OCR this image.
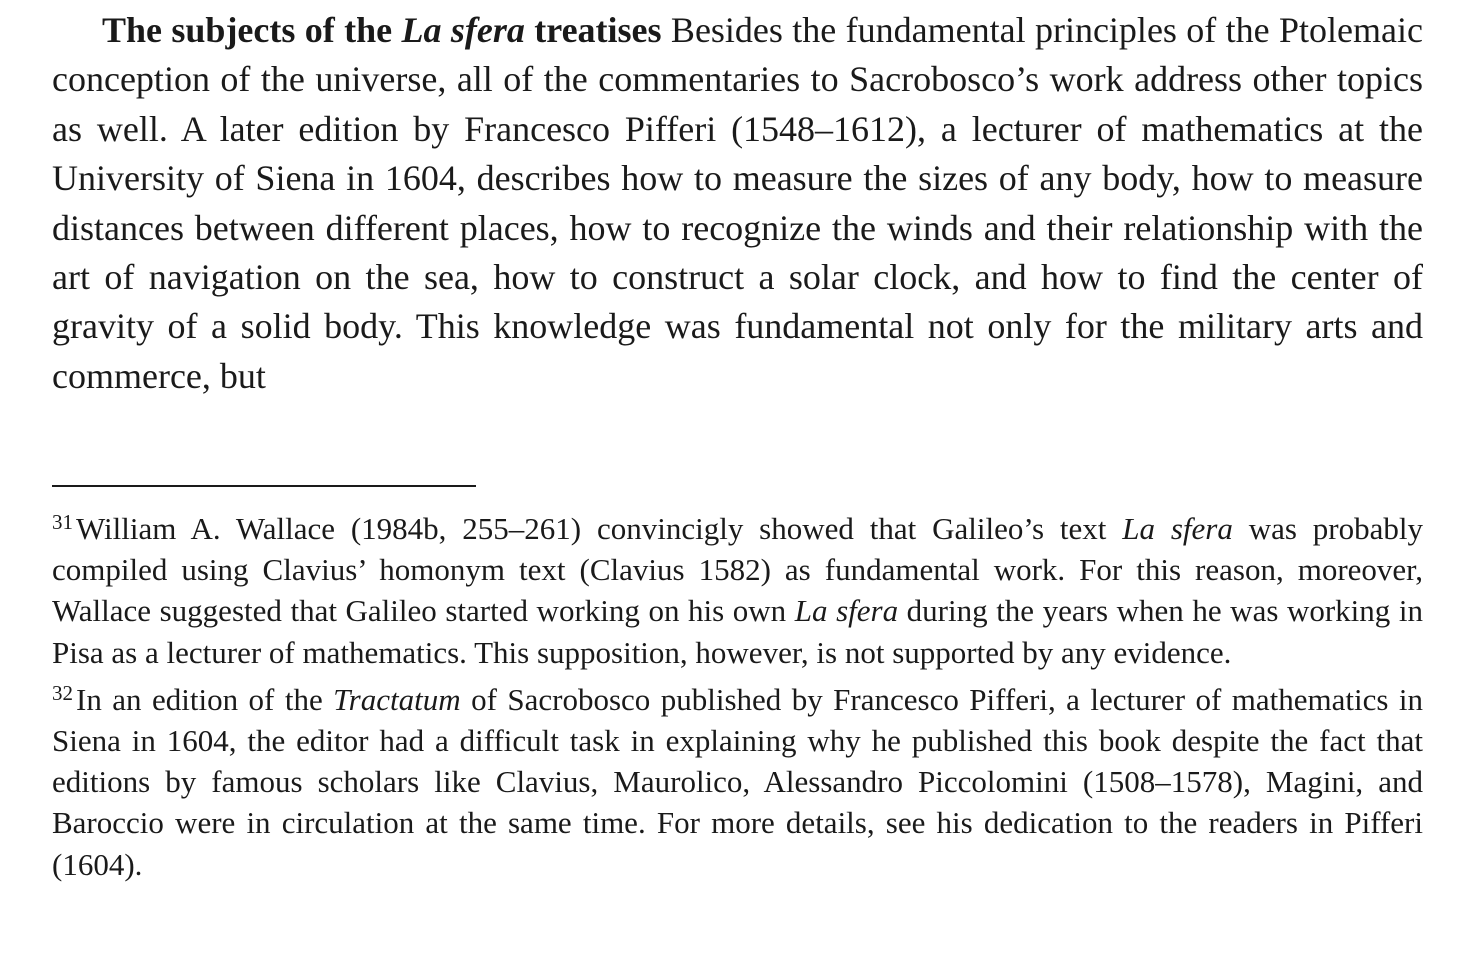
The subjects of the La sfera treatises Besides the fundamental principles of the Ptolemaic conception of the universe, all of the commentaries to Sacrobosco’s work address other topics as well. A later edition by Francesco Pifferi (1548–1612), a lecturer of mathematics at the University of Siena in 1604, describes how to measure the sizes of any body, how to measure distances between different places, how to recognize the winds and their relationship with the art of navigation on the sea, how to construct a solar clock, and how to find the center of gravity of a solid body. This knowledge was fundamental not only for the military arts and commerce, but

$^{31}$William A. Wallace (1984b, 255–261) convincigly showed that Galileo’s text La sfera was probably compiled using Clavius’ homonym text (Clavius 1582) as fundamental work. For this reason, moreover, Wallace suggested that Galileo started working on his own La sfera during the years when he was working in Pisa as a lecturer of mathematics. This supposition, however, is not supported by any evidence.

$^{32}$In an edition of the Tractatum of Sacrobosco published by Francesco Pifferi, a lecturer of mathematics in Siena in 1604, the editor had a difficult task in explaining why he published this book despite the fact that editions by famous scholars like Clavius, Maurolico, Alessandro Piccolomini (1508–1578), Magini, and Baroccio were in circulation at the same time. For more details, see his dedication to the readers in Pifferi (1604).
